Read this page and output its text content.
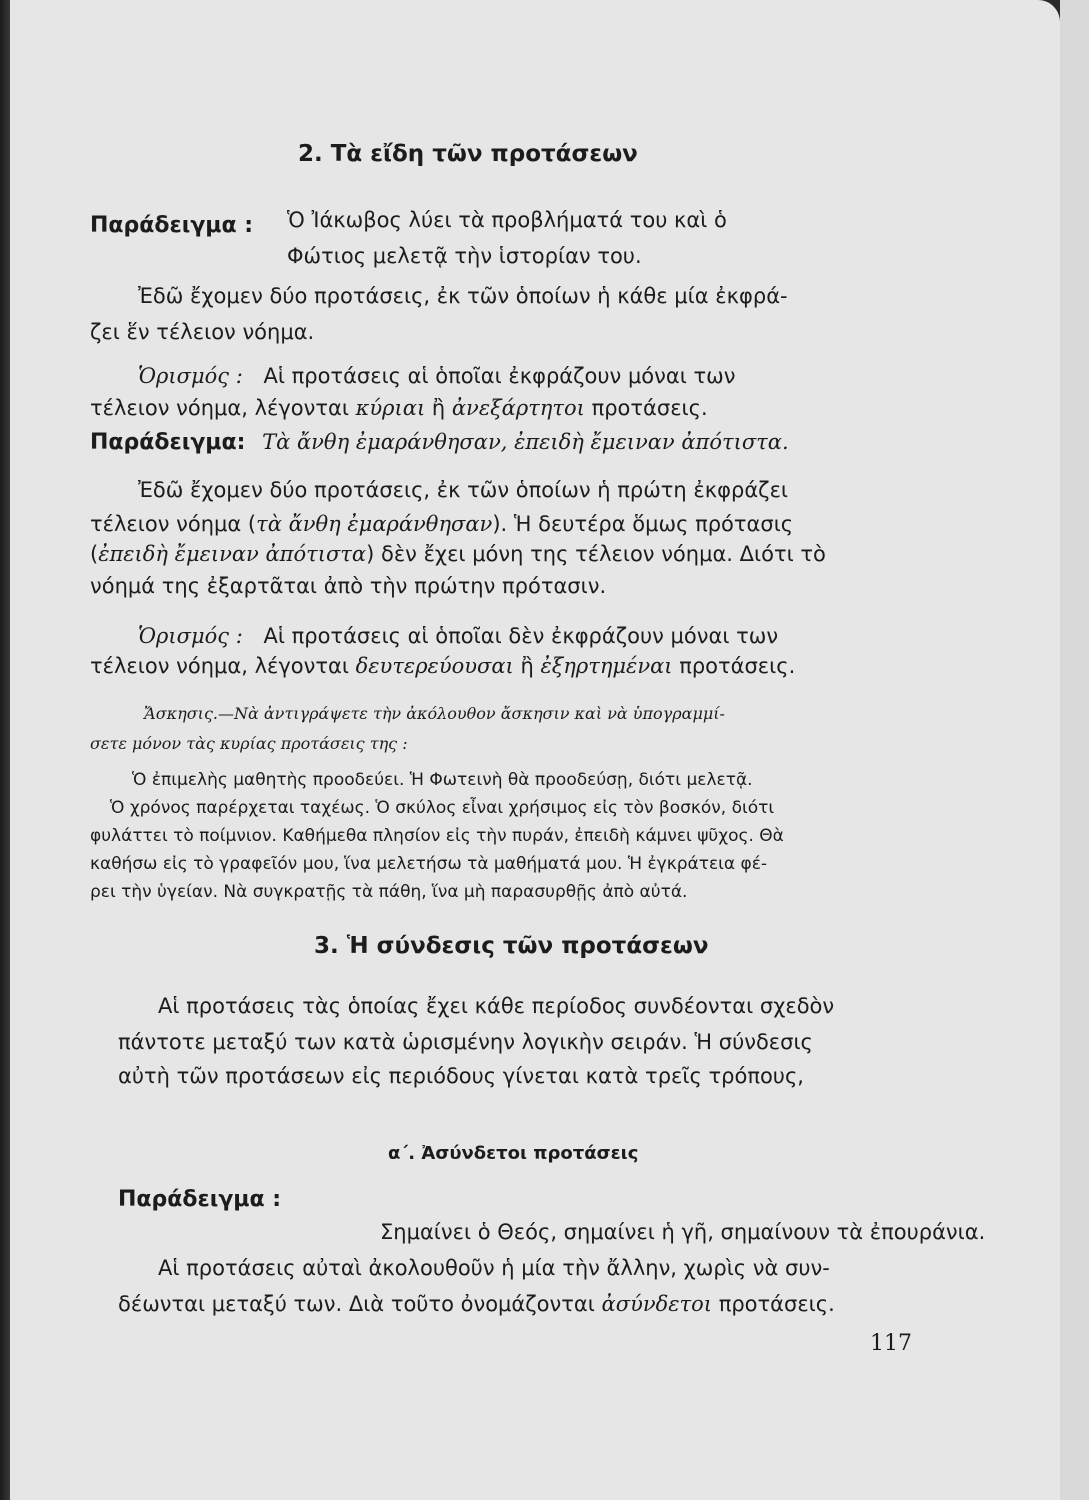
2. Τὰ εἴδη τῶν προτάσεων
Παράδειγμα : Ὁ Ἰάκωβος λύει τὰ προβλήματά του καὶ ὁ
Φώτιος μελετᾷ τὴν ἱστορίαν του.
Ἐδῶ ἔχομεν δύο προτάσεις, ἐκ τῶν ὁποίων ἡ κάθε μία ἐκφρά-
ζει ἕν τέλειον νόημα.
Ὁρισμός : Αἱ προτάσεις αἱ ὁποῖαι ἐκφράζουν μόναι των
τέλειον νόημα, λέγονται κύριαι ἢ ἀνεξάρτητοι προτάσεις.
Παράδειγμα: Τὰ ἄνθη ἐμαράνθησαν, ἐπειδὴ ἔμειναν ἀπότιστα.
Ἐδῶ ἔχομεν δύο προτάσεις, ἐκ τῶν ὁποίων ἡ πρώτη ἐκφράζει
τέλειον νόημα (τὰ ἄνθη ἐμαράνθησαν). Ἡ δευτέρα ὅμως πρότασις
(ἐπειδὴ ἔμειναν ἀπότιστα) δὲν ἔχει μόνη της τέλειον νόημα. Διότι τὸ
νόημά της ἐξαρτᾶται ἀπὸ τὴν πρώτην πρότασιν.
Ὁρισμός : Αἱ προτάσεις αἱ ὁποῖαι δὲν ἐκφράζουν μόναι των
τέλειον νόημα, λέγονται δευτερεύουσαι ἢ ἐξηρτημέναι προτάσεις.
Ἄσκησις.—Νὰ ἀντιγράψετε τὴν ἀκόλουθον ἄσκησιν καὶ νὰ ὑπογραμμί-
σετε μόνον τὰς κυρίας προτάσεις της :
Ὁ ἐπιμελὴς μαθητὴς προοδεύει. Ἡ Φωτεινὴ θὰ προοδεύσῃ, διότι μελετᾷ.
Ὁ χρόνος παρέρχεται ταχέως. Ὁ σκύλος εἶναι χρήσιμος εἰς τὸν βοσκόν, διότι
φυλάττει τὸ ποίμνιον. Καθήμεθα πλησίον εἰς τὴν πυράν, ἐπειδὴ κάμνει ψῦχος. Θὰ
καθήσω εἰς τὸ γραφεῖόν μου, ἵνα μελετήσω τὰ μαθήματά μου. Ἡ ἐγκράτεια φέ-
ρει τὴν ὑγείαν. Νὰ συγκρατῇς τὰ πάθη, ἵνα μὴ παρασυρθῇς ἀπὸ αὐτά.
3. Ἡ σύνδεσις τῶν προτάσεων
Αἱ προτάσεις τὰς ὁποίας ἔχει κάθε περίοδος συνδέονται σχεδὸν
πάντοτε μεταξύ των κατὰ ὡρισμένην λογικὴν σειράν. Ἡ σύνδεσις
αὐτὴ τῶν προτάσεων εἰς περιόδους γίνεται κατὰ τρεῖς τρόπους,
α΄. Ἀσύνδετοι προτάσεις
Παράδειγμα :
Σημαίνει ὁ Θεός, σημαίνει ἡ γῆ, σημαίνουν τὰ ἐπουράνια.
Αἱ προτάσεις αὐταὶ ἀκολουθοῦν ἡ μία τὴν ἄλλην, χωρὶς νὰ συν-
δέωνται μεταξύ των. Διὰ τοῦτο ὀνομάζονται ἀσύνδετοι προτάσεις.
117
